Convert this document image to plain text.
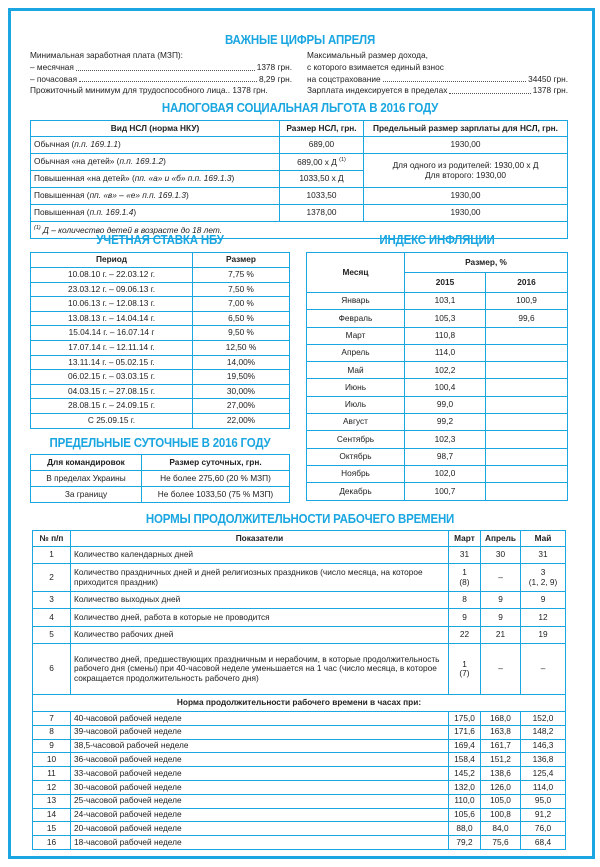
ВАЖНЫЕ ЦИФРЫ АПРЕЛЯ
Минимальная заработная плата (МЗП):
– месячная	1378 грн.
– почасовая	8,29 грн.
Прожиточный минимум для трудоспособного лица..
1378 грн.
Максимальный размер дохода,
с которого взимается единый взнос
на соцстрахование	34450 грн.
Зарплата индексируется в пределах	1378 грн.
НАЛОГОВАЯ СОЦИАЛЬНАЯ ЛЬГОТА В 2016 ГОДУ
Вид НСЛ (норма НКУ)	Размер НСЛ, грн.	Предельный размер зарплаты для НСЛ, грн.
Обычная (п.п. 169.1.1)	689,00	1930,00
Обычная «на детей» (п.п. 169.1.2)	689,00 х Д $^{(1)}$	Для одного из родителей: 1930,00 х Д
Для второго: 1930,00

Повышенная «на детей» (пп. «а» и «б» п.п. 169.1.3)	1033,50 х Д	
Повышенная (пп. «в» – «е» п.п. 169.1.3)	1033,50	1930,00
Повышенная (п.п. 169.1.4)	1378,00	1930,00
$^{(1)}$ Д – количество детей в возрасте до 18 лет.		
УЧЕТНАЯ СТАВКА НБУ
Период	Размер
10.08.10 г. – 22.03.12 г.	7,75 %
23.03.12 г. – 09.06.13 г.	7,50 %
10.06.13 г. – 12.08.13 г.	7,00 %
13.08.13 г. – 14.04.14 г.	6,50 %
15.04.14 г. – 16.07.14 г	9,50 %
17.07.14 г. – 12.11.14 г.	12,50 %
13.11.14 г. – 05.02.15 г.	14,00%
06.02.15 г. – 03.03.15 г.	19,50%
04.03.15 г. – 27.08.15 г.	30,00%
28.08.15 г. – 24.09.15 г.	27,00%
С 25.09.15 г.	22,00%
ПРЕДЕЛЬНЫЕ СУТОЧНЫЕ В 2016 ГОДУ
Для командировок	Размер суточных, грн.
В пределах Украины	Не более 275,60 (20 % МЗП)
За границу	Не более 1033,50 (75 % МЗП)
ИНДЕКС ИНФЛЯЦИИ
Месяц	Размер, %	
	2015	2016
Январь	103,1	100,9
Февраль	105,3	99,6
Март	110,8	
Апрель	114,0	
Май	102,2	
Июнь	100,4	
Июль	99,0	
Август	99,2	
Сентябрь	102,3	
Октябрь	98,7	
Ноябрь	102,0	
Декабрь	100,7	
НОРМЫ ПРОДОЛЖИТЕЛЬНОСТИ РАБОЧЕГО ВРЕМЕНИ
№ п/п	Показатели	Март	Апрель	Май
1	Количество календарных дней	31	30	31
2	Количество праздничных дней и дней религиозных праздников (число месяца, на которое приходится праздник)	1
(8)	–	3
(1, 2, 9)
3	Количество выходных дней	8	9	9
4	Количество дней, работа в которые не проводится	9	9	12
5	Количество рабочих дней	22	21	19
6	Количество дней, предшествующих праздничным и нерабочим, в которые продолжительность рабочего дня (смены) при 40-часовой неделе уменьшается на 1 час (число месяца, в которое сокращается продолжительность рабочего дня)	1
(7)	–	–
Норма продолжительности рабочего времени в часах при:				
7	40-часовой рабочей неделе	175,0	168,0	152,0
8	39-часовой рабочей неделе	171,6	163,8	148,2
9	38,5-часовой рабочей неделе	169,4	161,7	146,3
10	36-часовой рабочей неделе	158,4	151,2	136,8
11	33-часовой рабочей неделе	145,2	138,6	125,4
12	30-часовой рабочей неделе	132,0	126,0	114,0
13	25-часовой рабочей неделе	110,0	105,0	95,0
14	24-часовой рабочей неделе	105,6	100,8	91,2
15	20-часовой рабочей неделе	88,0	84,0	76,0
16	18-часовой рабочей неделе	79,2	75,6	68,4
